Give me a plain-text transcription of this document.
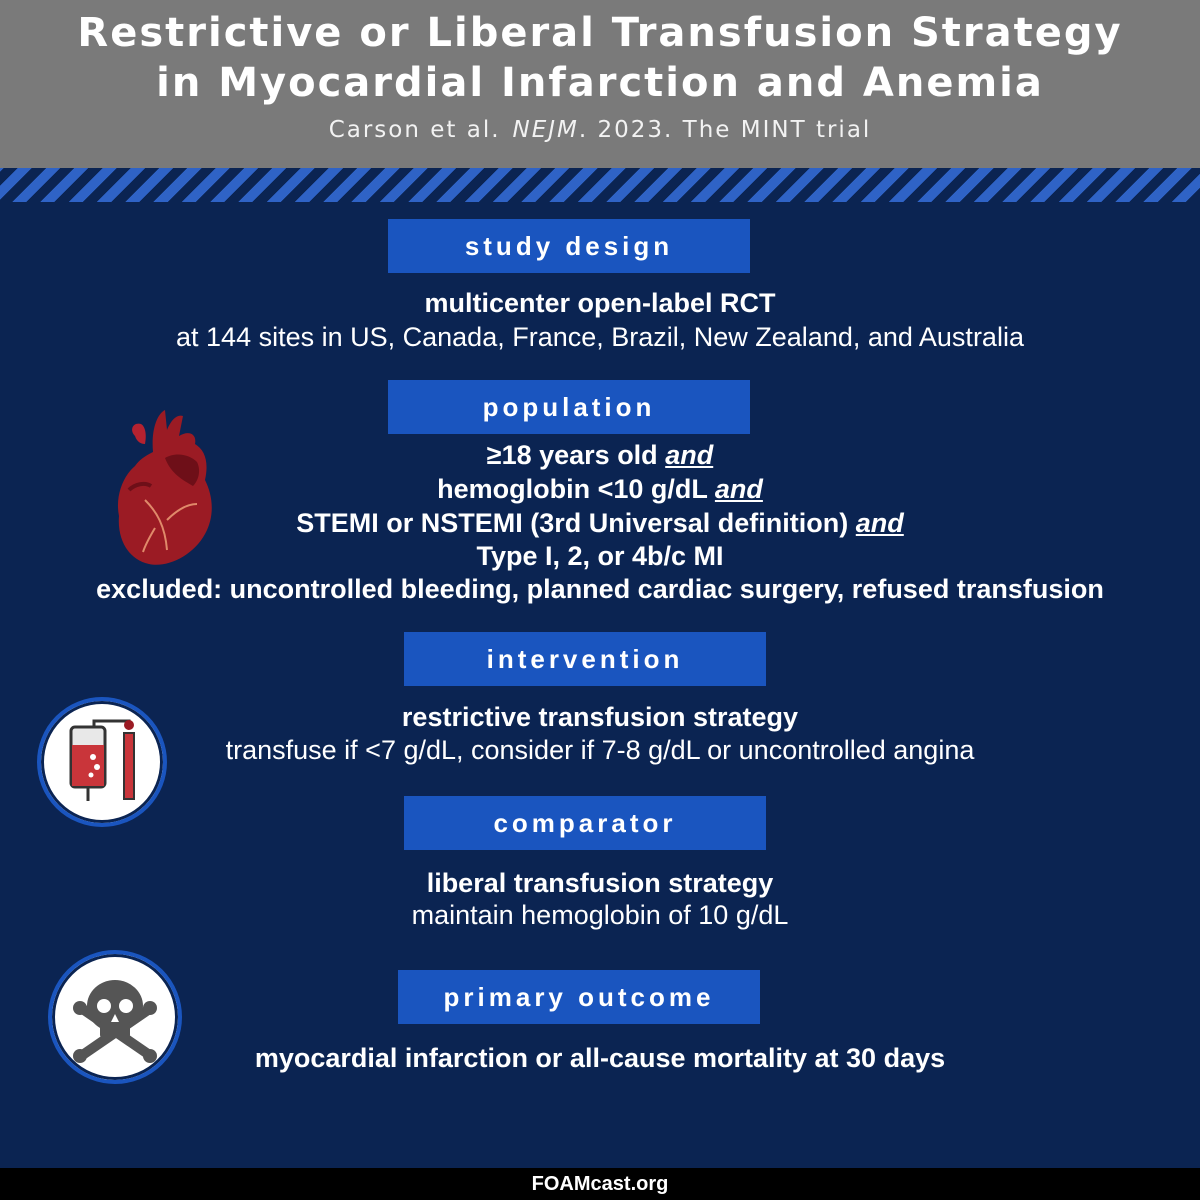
Restrictive or Liberal Transfusion Strategy
in Myocardial Infarction and Anemia
Carson et al. NEJM. 2023. The MINT trial
study design
multicenter open-label RCT
at 144 sites in US, Canada, France, Brazil, New Zealand, and Australia
population
≥18 years old and
hemoglobin <10 g/dL and
STEMI or NSTEMI (3rd Universal definition) and
Type I, 2, or 4b/c MI
excluded: uncontrolled bleeding, planned cardiac surgery, refused transfusion
intervention
restrictive transfusion strategy
transfuse if <7 g/dL, consider if 7-8 g/dL or uncontrolled angina
comparator
liberal transfusion strategy
maintain hemoglobin of 10 g/dL
primary outcome
myocardial infarction or all-cause mortality at 30 days
FOAMcast.org
